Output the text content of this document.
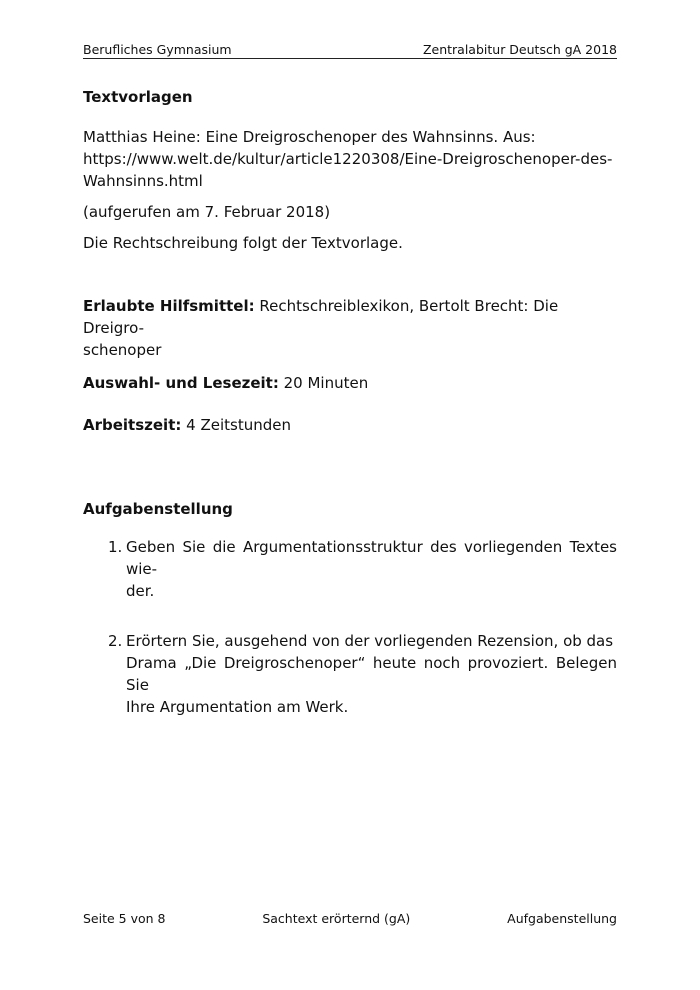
Berufliches Gymnasium	Zentralabitur Deutsch gA 2018
Textvorlagen
Matthias Heine: Eine Dreigroschenoper des Wahnsinns. Aus:
https://www.welt.de/kultur/article1220308/Eine-Dreigroschenoper-des-
Wahnsinns.html

(aufgerufen am 7. Februar 2018)

Die Rechtschreibung folgt der Textvorlage.

Erlaubte Hilfsmittel: Rechtschreiblexikon, Bertolt Brecht: Die Dreigro-
schenoper
Auswahl- und Lesezeit: 20 Minuten
Arbeitszeit: 4 Zeitstunden
Aufgabenstellung
1. Geben Sie die Argumentationsstruktur des vorliegenden Textes wie-
der.
2. Erörtern Sie, ausgehend von der vorliegenden Rezension, ob das
Drama „Die Dreigroschenoper“ heute noch provoziert. Belegen Sie
Ihre Argumentation am Werk.
Seite 5 von 8	Sachtext erörternd (gA)	Aufgabenstellung
